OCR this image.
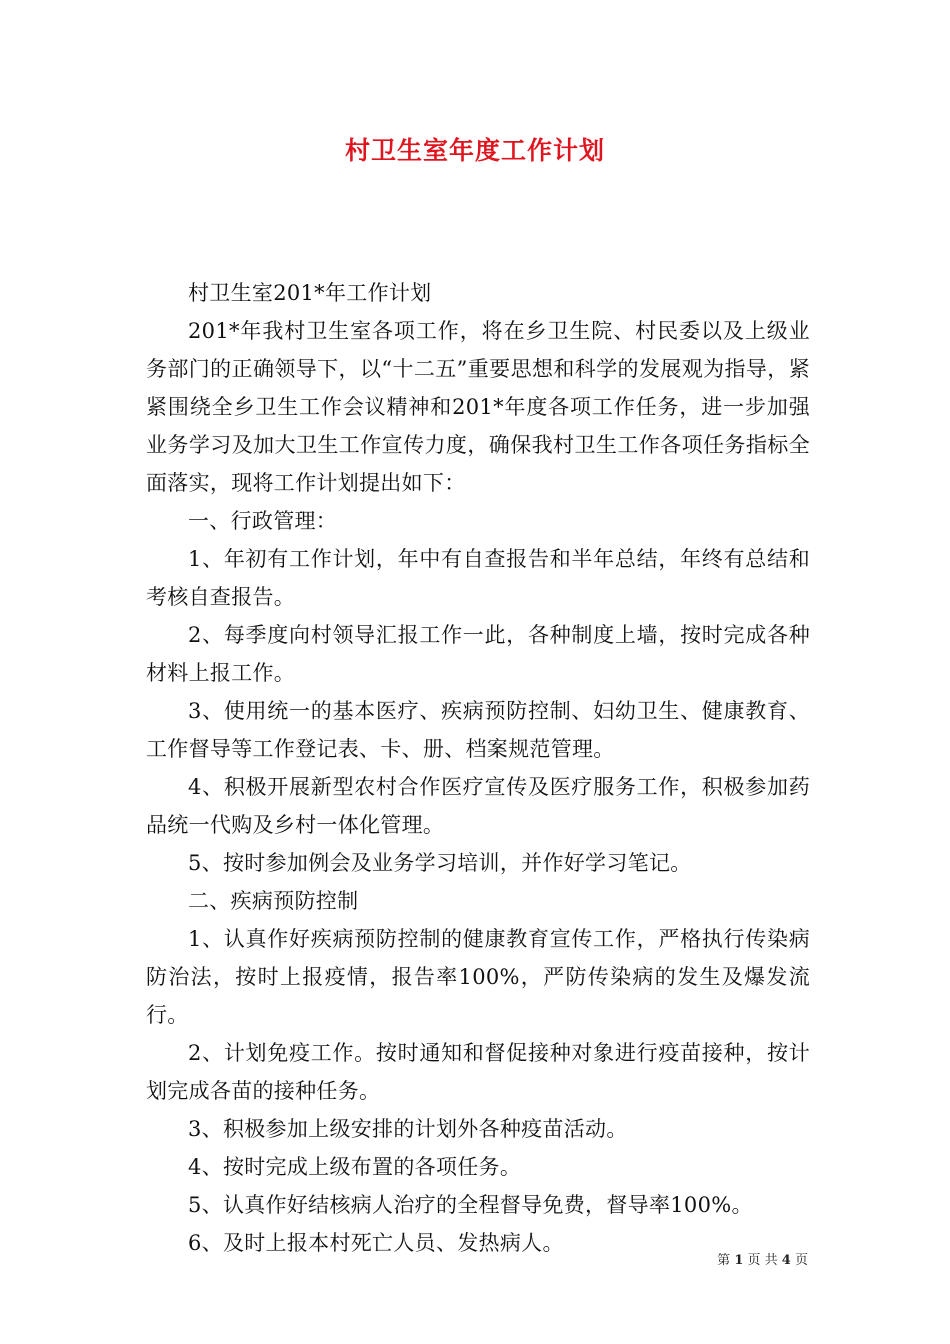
村卫生室年度工作计划

村卫生室201*年工作计划

201*年我村卫生室各项工作，将在乡卫生院、村民委以及上级业务部门的正确领导下，以“十二五”重要思想和科学的发展观为指导，紧紧围绕全乡卫生工作会议精神和201*年度各项工作任务，进一步加强业务学习及加大卫生工作宣传力度，确保我村卫生工作各项任务指标全面落实，现将工作计划提出如下：

一、行政管理：

1、年初有工作计划，年中有自查报告和半年总结，年终有总结和考核自查报告。

2、每季度向村领导汇报工作一此，各种制度上墙，按时完成各种材料上报工作。

3、使用统一的基本医疗、疾病预防控制、妇幼卫生、健康教育、工作督导等工作登记表、卡、册、档案规范管理。

4、积极开展新型农村合作医疗宣传及医疗服务工作，积极参加药品统一代购及乡村一体化管理。

5、按时参加例会及业务学习培训，并作好学习笔记。

二、疾病预防控制

1、认真作好疾病预防控制的健康教育宣传工作，严格执行传染病防治法，按时上报疫情，报告率100%，严防传染病的发生及爆发流行。

2、计划免疫工作。按时通知和督促接种对象进行疫苗接种，按计划完成各苗的接种任务。

3、积极参加上级安排的计划外各种疫苗活动。

4、按时完成上级布置的各项任务。

5、认真作好结核病人治疗的全程督导免费，督导率100%。

6、及时上报本村死亡人员、发热病人。

第 1 页 共 4 页
